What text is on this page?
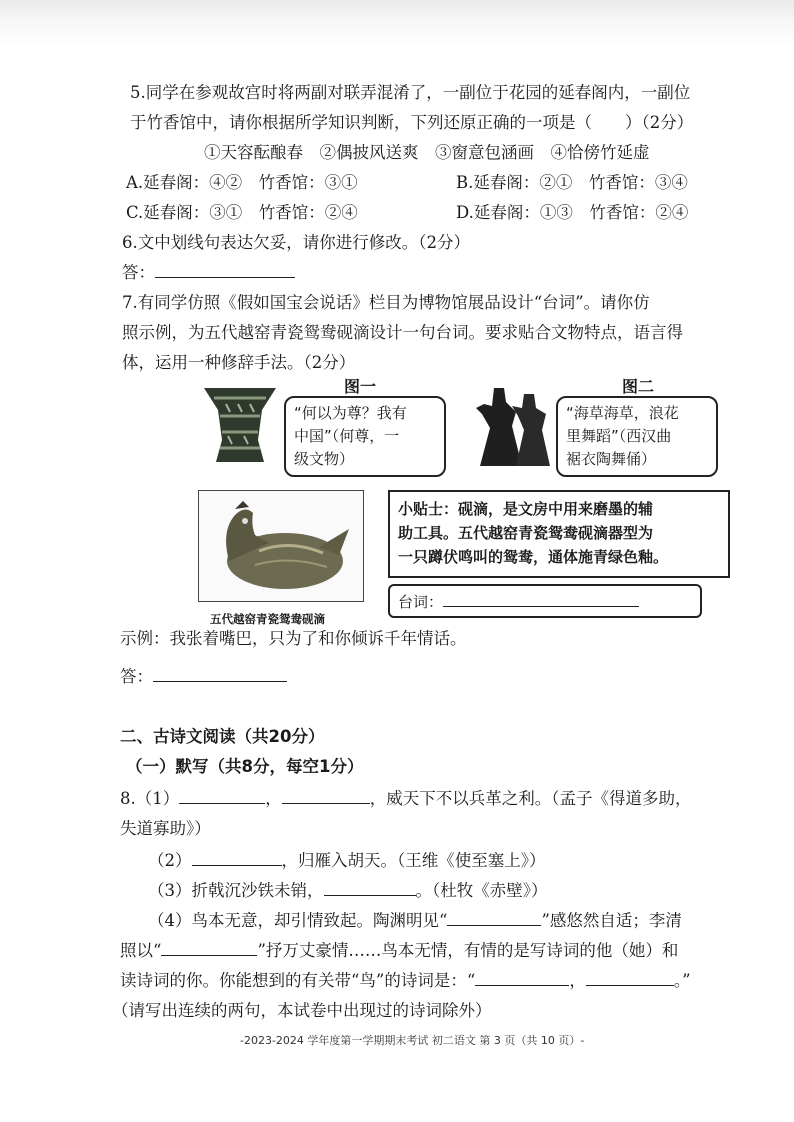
5.同学在参观故宫时将两副对联弄混淆了，一副位于花园的延春阁内，一副位
于竹香馆中，请你根据所学知识判断，下列还原正确的一项是（　　）（2分）
①天容酝酿春　②偶披风送爽　③窗意包涵画　④恰傍竹延虚
A.延春阁：④②　竹香馆：③①	B.延春阁：②①　竹香馆：③④
C.延春阁：③①　竹香馆：②④	D.延春阁：①③　竹香馆：②④
6.文中划线句表达欠妥，请你进行修改。（2分）
答：
7.有同学仿照《假如国宝会说话》栏目为博物馆展品设计“台词”。请你仿
照示例，为五代越窑青瓷鸳鸯砚滴设计一句台词。要求贴合文物特点，语言得
体，运用一种修辞手法。（2分）
图一
“何以为尊？我有
中国”（何尊，一
级文物）
图二
“海草海草，浪花
里舞蹈”（西汉曲
裾衣陶舞俑）
五代越窑青瓷鸳鸯砚滴
小贴士：砚滴，是文房中用来磨墨的辅
助工具。五代越窑青瓷鸳鸯砚滴器型为
一只蹲伏鸣叫的鸳鸯，通体施青绿色釉。
台词：
示例：我张着嘴巴，只为了和你倾诉千年情话。
答：
二、古诗文阅读（共20分）
（一）默写（共8分，每空1分）
8.（1）	，	，威天下不以兵革之利。（孟子《得道多助，
失道寡助》）
（2）	，归雁入胡天。（王维《使至塞上》）
（3）折戟沉沙铁未销，	。（杜牧《赤壁》）
（4）鸟本无意，却引情致起。陶渊明见“	”感悠然自适；李清
照以“	”抒万丈豪情……鸟本无情，有情的是写诗词的他（她）和
读诗词的你。你能想到的有关带“鸟”的诗词是：“	，	。”
（请写出连续的两句，本试卷中出现过的诗词除外）
-2023-2024 学年度第一学期期末考试 初二语文 第 3 页（共 10 页）-
